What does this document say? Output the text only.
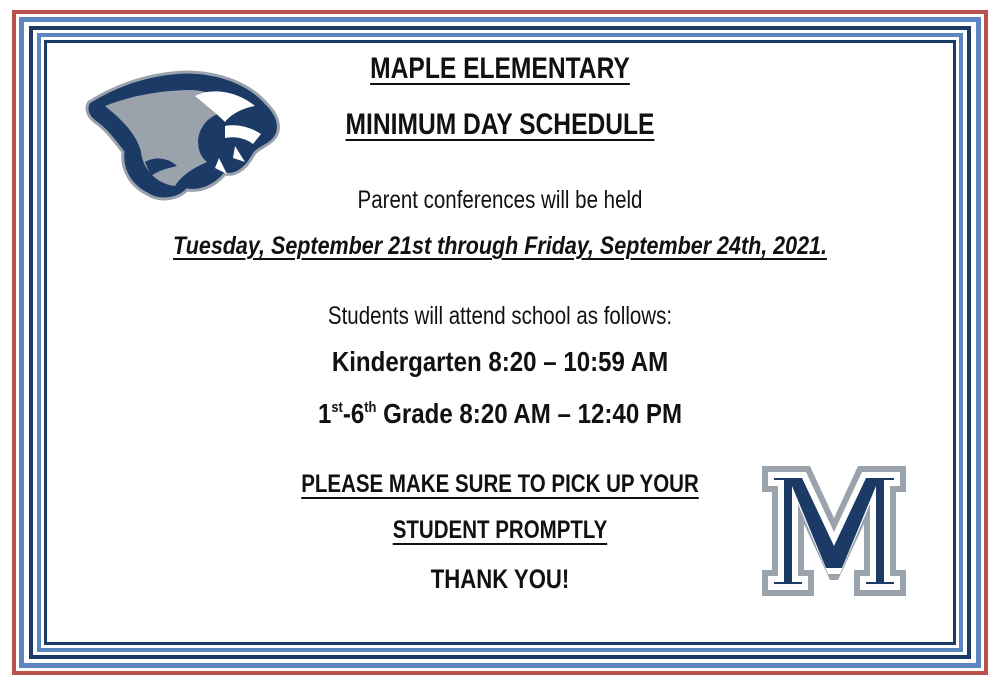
MAPLE ELEMENTARY
MINIMUM DAY SCHEDULE
Parent conferences will be held
Tuesday, September 21st through Friday, September 24th, 2021.
Students will attend school as follows:
Kindergarten 8:20 – 10:59 AM
1st-6th Grade 8:20 AM – 12:40 PM
PLEASE MAKE SURE TO PICK UP YOUR
STUDENT PROMPTLY
THANK YOU!
